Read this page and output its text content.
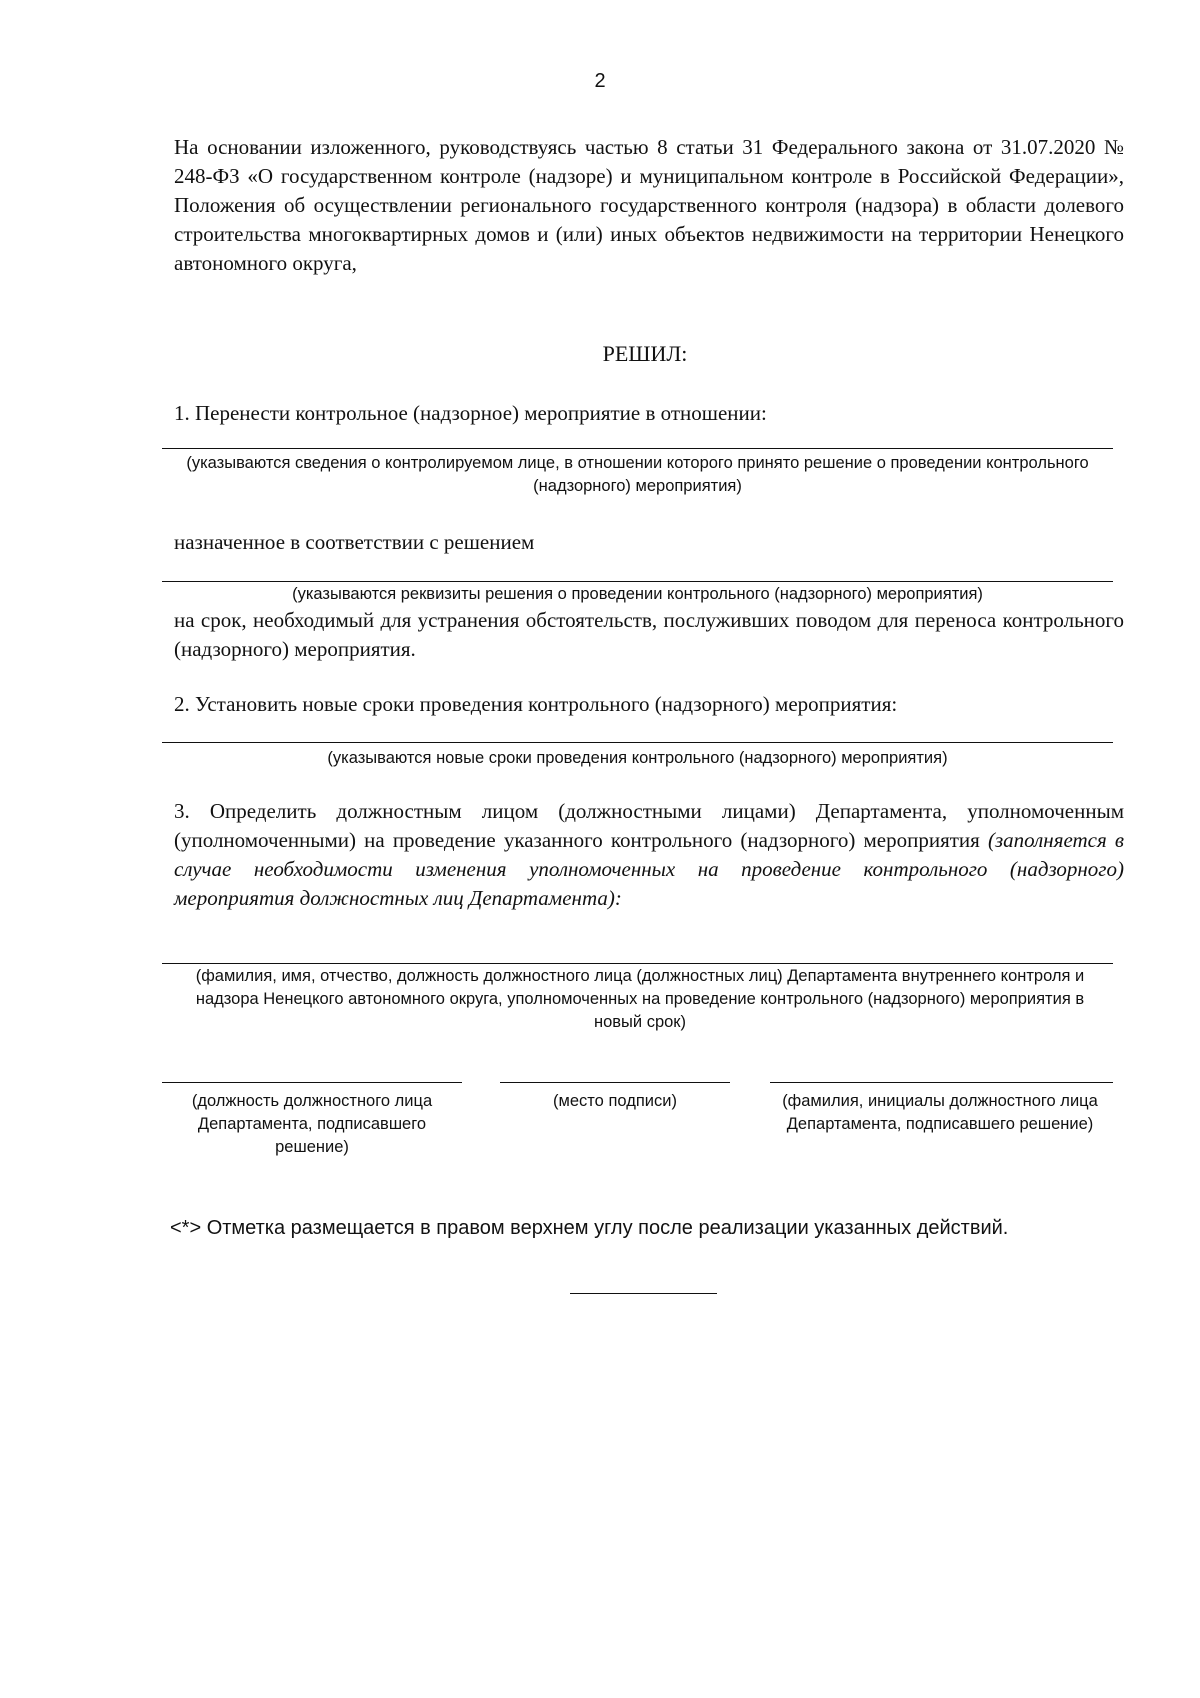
2
На основании изложенного, руководствуясь частью 8 статьи 31 Федерального закона от 31.07.2020 № 248-ФЗ «О государственном контроле (надзоре) и муниципальном контроле в Российской Федерации», Положения об осуществлении регионального государственного контроля (надзора) в области долевого строительства многоквартирных домов и (или) иных объектов недвижимости на территории Ненецкого автономного округа,
РЕШИЛ:
1. Перенести контрольное (надзорное) мероприятие в отношении:
(указываются сведения о контролируемом лице, в отношении которого принято решение о проведении контрольного (надзорного) мероприятия)
назначенное в соответствии с решением
(указываются реквизиты решения о проведении контрольного (надзорного) мероприятия)
на срок, необходимый для устранения обстоятельств, послуживших поводом для переноса контрольного (надзорного) мероприятия.
2. Установить новые сроки проведения контрольного (надзорного) мероприятия:
(указываются новые сроки проведения контрольного (надзорного) мероприятия)
3. Определить должностным лицом (должностными лицами) Департамента, уполномоченным (уполномоченными) на проведение указанного контрольного (надзорного) мероприятия (заполняется в случае необходимости изменения уполномоченных на проведение контрольного (надзорного) мероприятия должностных лиц Департамента):
(фамилия, имя, отчество, должность должностного лица (должностных лиц) Департамента внутреннего контроля и надзора Ненецкого автономного округа, уполномоченных на проведение контрольного (надзорного) мероприятия в новый срок)
(должность должностного лица Департамента, подписавшего решение)
(место подписи)	(фамилия, инициалы должностного лица Департамента, подписавшего решение)
<*> Отметка размещается в правом верхнем углу после реализации указанных действий.
